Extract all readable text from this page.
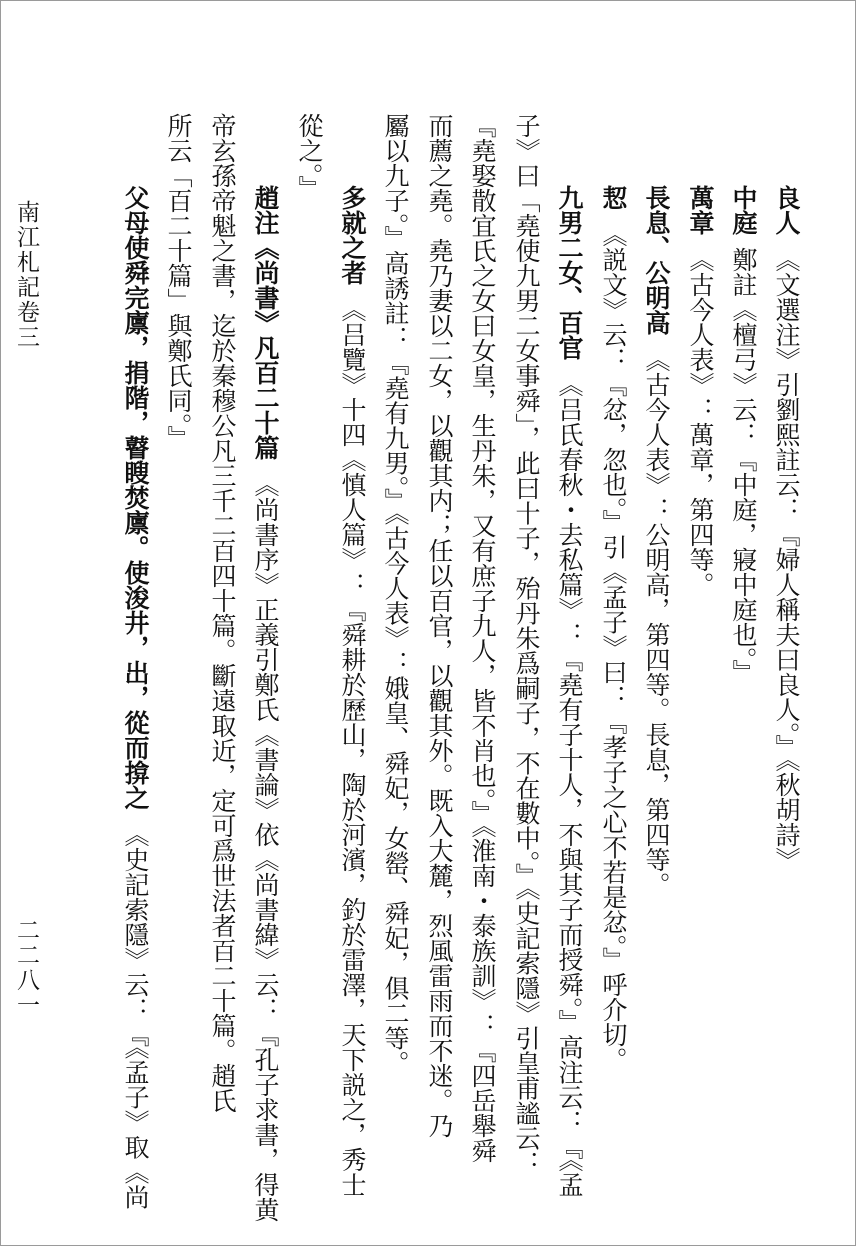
良人《文選注》引劉熙註云：『婦人稱夫曰良人。』《秋胡詩》
中庭鄭註《檀弓》云：『中庭，寢中庭也。』
萬章《古今人表》：萬章，第四等。
長息、公明高《古今人表》：公明高，第四等。長息，第四等。
恝《説文》云：『忿，忽也。』引《孟子》曰：『孝子之心不若是忿。』呼介切。
九男二女、百官《吕氏春秋・去私篇》：『堯有子十人，不與其子而授舜。』高注云：『《孟
子》曰「堯使九男二女事舜」，此曰十子，殆丹朱爲嗣子，不在數中。』《史記索隱》引皇甫謐云：
『堯娶散宜氏之女曰女皇，生丹朱，又有庶子九人，皆不肖也。』《淮南・泰族訓》：『四岳舉舜
而薦之堯。堯乃妻以二女，以觀其内；任以百官，以觀其外。既入大麓，烈風雷雨而不迷。乃
屬以九子。』高誘註：『堯有九男。』《古今人表》：娥皇、舜妃，女罃、舜妃，俱二等。
多就之者《吕覽》十四《慎人篇》：『舜耕於歷山，陶於河濱，釣於雷澤，天下説之，秀士
從之。』
趙注《尚書》凡百二十篇《尚書序》正義引鄭氏《書論》依《尚書緯》云：『孔子求書，得黄
帝玄孫帝魁之書，迄於秦穆公凡三千二百四十篇。斷遠取近，定可爲世法者百二十篇。趙氏
所云「百二十篇」與鄭氏同。』
父母使舜完廪，捐階，瞽瞍焚廪。使浚井，出，從而揜之《史記索隱》云：『《孟子》取《尚
南江札記卷三
二二八一
